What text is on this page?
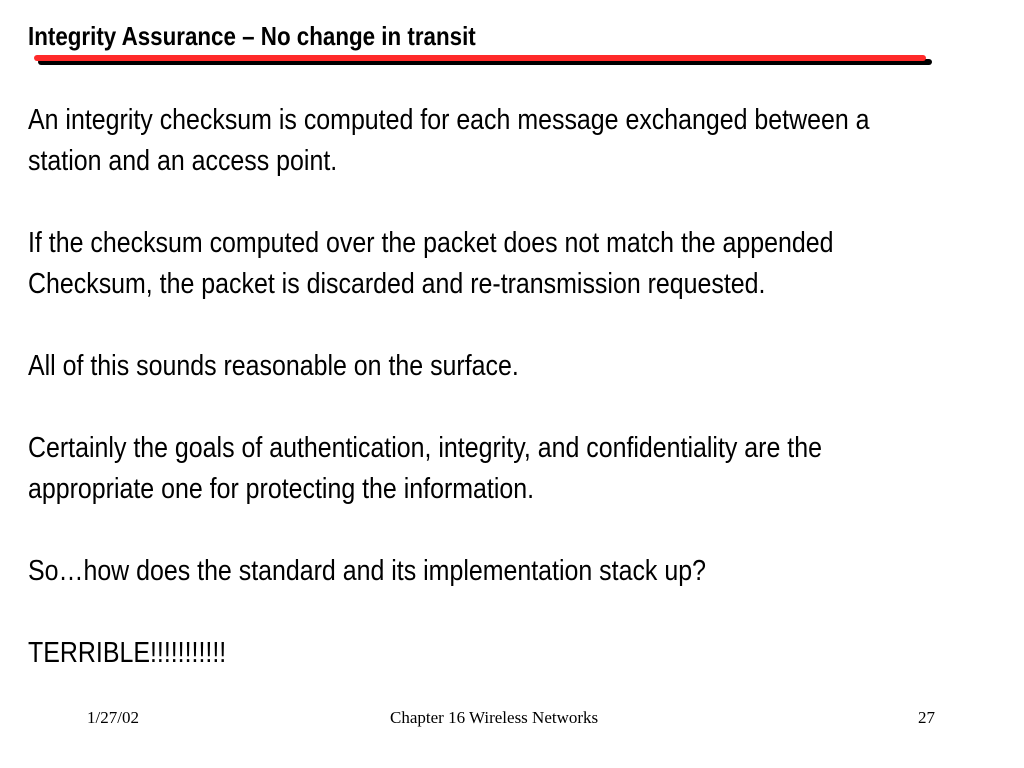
Integrity Assurance – No change in transit

An integrity checksum is computed for each message exchanged between a
station and an access point.

If the checksum computed over the packet does not match the appended
Checksum, the packet is discarded and re-transmission requested.

All of this sounds reasonable on the surface.

Certainly the goals of authentication, integrity, and confidentiality are the
appropriate one for protecting the information.

So…how does the standard and its implementation stack up?

TERRIBLE!!!!!!!!!!!

1/27/02	Chapter 16 Wireless Networks	27
